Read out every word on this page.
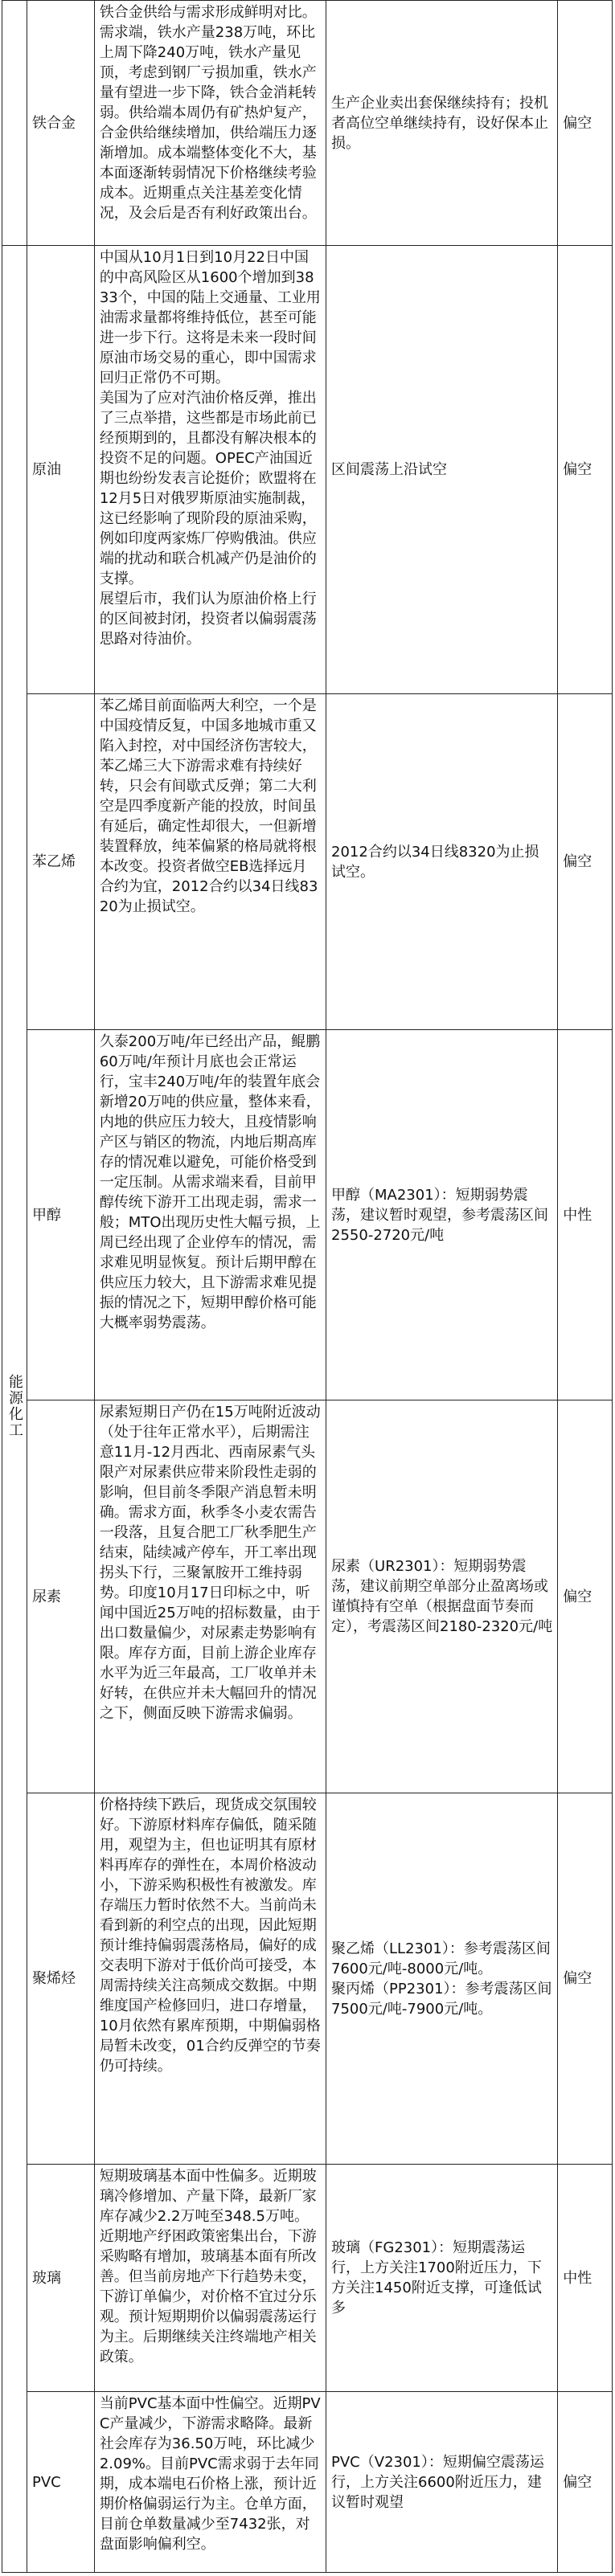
	铁合金	铁合金供给与需求形成鲜明对比。需求端，铁水产量238万吨，环比上周下降240万吨，铁水产量见顶，考虑到钢厂亏损加重，铁水产量有望进一步下降，铁合金消耗转弱。供给端本周仍有矿热炉复产，合金供给继续增加，供给端压力逐渐增加。成本端整体变化不大，基本面逐渐转弱情况下价格继续考验成本。近期重点关注基差变化情况，及会后是否有利好政策出台。	生产企业卖出套保继续持有；投机者高位空单继续持有，设好保本止损。	偏空
能源化工	原油	中国从10月1日到10月22日中国的中高风险区从1600个增加到3833个，中国的陆上交通量、工业用油需求量都将维持低位，甚至可能进一步下行。这将是未来一段时间原油市场交易的重心，即中国需求回归正常仍不可期。
美国为了应对汽油价格反弹，推出了三点举措，这些都是市场此前已经预期到的，且都没有解决根本的投资不足的问题。OPEC产油国近期也纷纷发表言论挺价；欧盟将在12月5日对俄罗斯原油实施制裁，这已经影响了现阶段的原油采购，例如印度两家炼厂停购俄油。供应端的扰动和联合机减产仍是油价的支撑。
展望后市，我们认为原油价格上行的区间被封闭，投资者以偏弱震荡思路对待油价。	区间震荡上沿试空	偏空
	苯乙烯	苯乙烯目前面临两大利空，一个是中国疫情反复，中国多地城市重又陷入封控，对中国经济伤害较大，苯乙烯三大下游需求难有持续好转，只会有间歇式反弹；第二大利空是四季度新产能的投放，时间虽有延后，确定性却很大，一但新增装置释放，纯苯偏紧的格局就将根本改变。投资者做空EB选择远月合约为宜，2012合约以34日线8320为止损试空。	2012合约以34日线8320为止损试空。	偏空
	甲醇	久泰200万吨/年已经出产品，鲲鹏60万吨/年预计月底也会正常运行，宝丰240万吨/年的装置年底会新增20万吨的供应量，整体来看，内地的供应压力较大，且疫情影响产区与销区的物流，内地后期高库存的情况难以避免，可能价格受到一定压制。从需求端来看，目前甲醇传统下游开工出现走弱，需求一般；MTO出现历史性大幅亏损，上周已经出现了企业停车的情况，需求难见明显恢复。预计后期甲醇在供应压力较大，且下游需求难见提振的情况之下，短期甲醇价格可能大概率弱势震荡。	甲醇（MA2301）：短期弱势震荡，建议暂时观望，参考震荡区间2550-2720元/吨	中性
	尿素	尿素短期日产仍在15万吨附近波动（处于往年正常水平），后期需注意11月-12月西北、西南尿素气头限产对尿素供应带来阶段性走弱的影响，但目前冬季限产消息暂未明确。需求方面，秋季冬小麦农需告一段落，且复合肥工厂秋季肥生产结束，陆续减产停车，开工率出现拐头下行，三聚氰胺开工维持弱势。印度10月17日印标之中，听闻中国近25万吨的招标数量，由于出口数量偏少，对尿素走势影响有限。库存方面，目前上游企业库存水平为近三年最高，工厂收单并未好转，在供应并未大幅回升的情况之下，侧面反映下游需求偏弱。	尿素（UR2301）：短期弱势震荡，建议前期空单部分止盈离场或谨慎持有空单（根据盘面节奏而定），考震荡区间2180-2320元/吨	偏空
	聚烯烃	价格持续下跌后，现货成交氛围较好。下游原材料库存偏低，随采随用，观望为主，但也证明其有原材料再库存的弹性在，本周价格波动小，下游采购积极性有被激发。库存端压力暂时依然不大。当前尚未看到新的利空点的出现，因此短期预计维持偏弱震荡格局，偏好的成交表明下游对于低价尚可接受，本周需持续关注高频成交数据。中期维度国产检修回归，进口存增量，10月依然有累库预期，中期偏弱格局暂未改变，01合约反弹空的节奏仍可持续。	聚乙烯（LL2301）：参考震荡区间7600元/吨-8000元/吨。
聚丙烯（PP2301）：参考震荡区间7500元/吨-7900元/吨。	偏空
	玻璃	短期玻璃基本面中性偏多。近期玻璃冷修增加、产量下降，最新厂家库存减少2.2万吨至348.5万吨。近期地产纾困政策密集出台，下游采购略有增加，玻璃基本面有所改善。但当前房地产下行趋势未变，下游订单偏少，对价格不宜过分乐观。预计短期期价以偏弱震荡运行为主。后期继续关注终端地产相关政策。	玻璃（FG2301）：短期震荡运行，上方关注1700附近压力，下方关注1450附近支撑，可逢低试多	中性
	PVC	当前PVC基本面中性偏空。近期PVC产量减少，下游需求略降。最新社会库存为36.50万吨，环比减少2.09%。目前PVC需求弱于去年同期，成本端电石价格上涨，预计近期价格偏弱运行为主。仓单方面，目前仓单数量减少至7432张，对盘面影响偏利空。	PVC（V2301）：短期偏空震荡运行，上方关注6600附近压力，建议暂时观望	偏空
